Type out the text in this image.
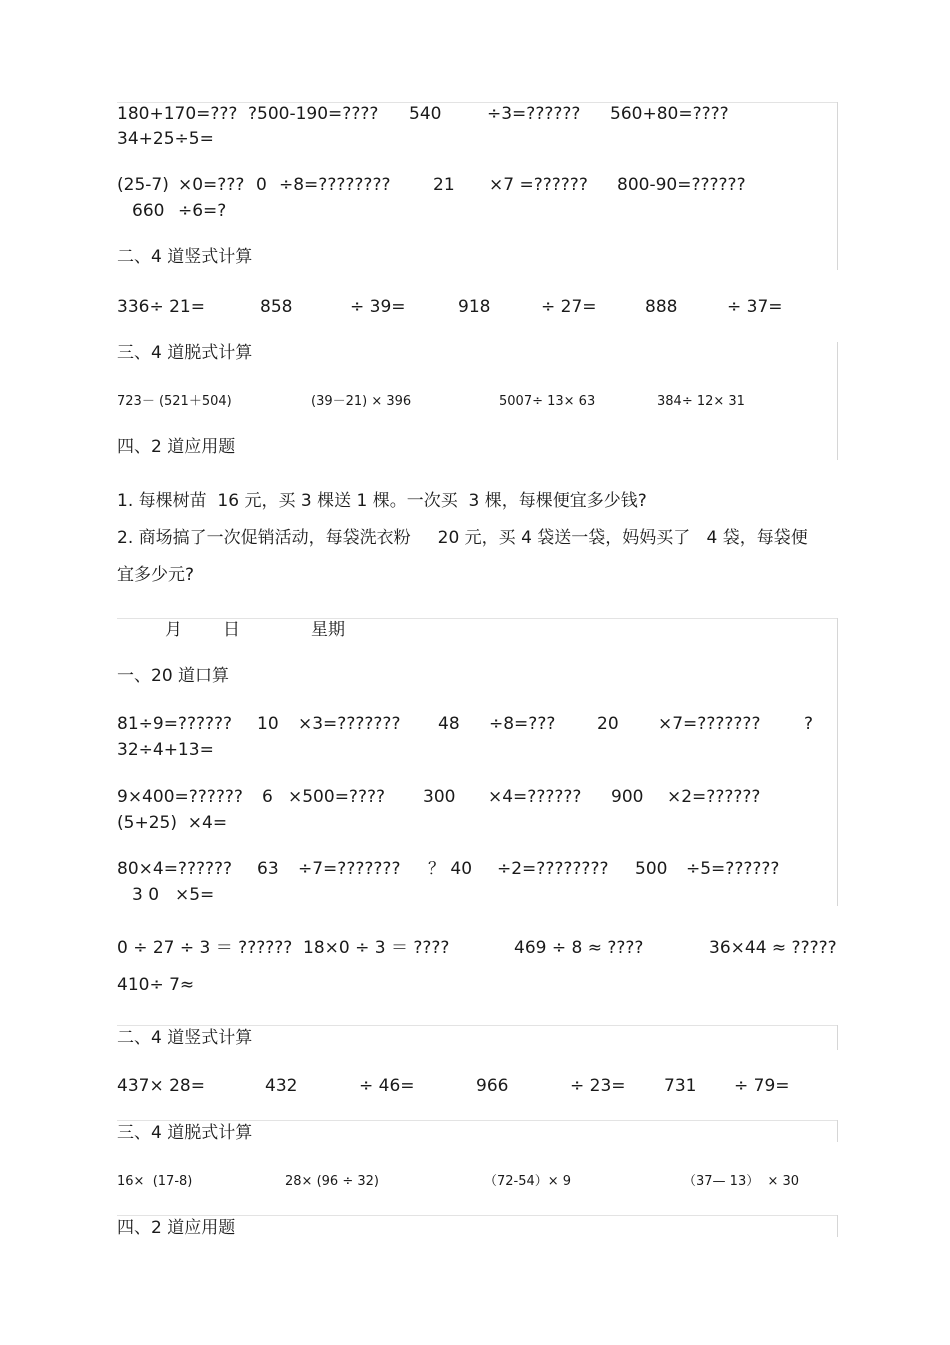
180+170=??? ?500-190=???? 540	÷3=?????? 560+80=????
34+25÷5=
(25-7) ×0=??? 0 ÷8=????????	21 ×7 =?????? 800-90=??????
660 ÷6=?
二、4 道竖式计算
336÷ 21=	858	÷ 39=	918	÷ 27=	888	÷ 37=
三、4 道脱式计算
723－ (521＋504)	(39－21) × 396	5007÷ 13× 63	384÷ 12× 31
四、2 道应用题
1. 每棵树苗  16 元，买 3 棵送 1 棵。一次买  3 棵，每棵便宜多少钱?
2. 商场搞了一次促销活动，每袋洗衣粉     20 元，买 4 袋送一袋，妈妈买了   4 袋，每袋便
宜多少元?
月 日	星期
一、20 道口算
81÷9=?????? 10 ×3=??????? 48 ÷8=??? 20 ×7=???????	?
32÷4+13=
9×400=?????? 6 ×500=???? 300 ×4=?????? 900 ×2=??????
(5+25)  ×4=
80×4=?????? 63 ÷7=??????? ？ 40 ÷2=???????? 500 ÷5=??????
3 0 ×5=
0 ÷ 27 ÷ 3 ＝ ?????? 18×0 ÷ 3 ＝ ????	469 ÷ 8 ≈ ????	36×44 ≈ ?????
410÷ 7≈
二、4 道竖式计算
437× 28=	432	÷ 46=	966	÷ 23= 731 ÷ 79=
三、4 道脱式计算
16×  (17-8)	28× (96 ÷ 32)	（72-54）× 9	（37— 13）  × 30
四、2 道应用题
